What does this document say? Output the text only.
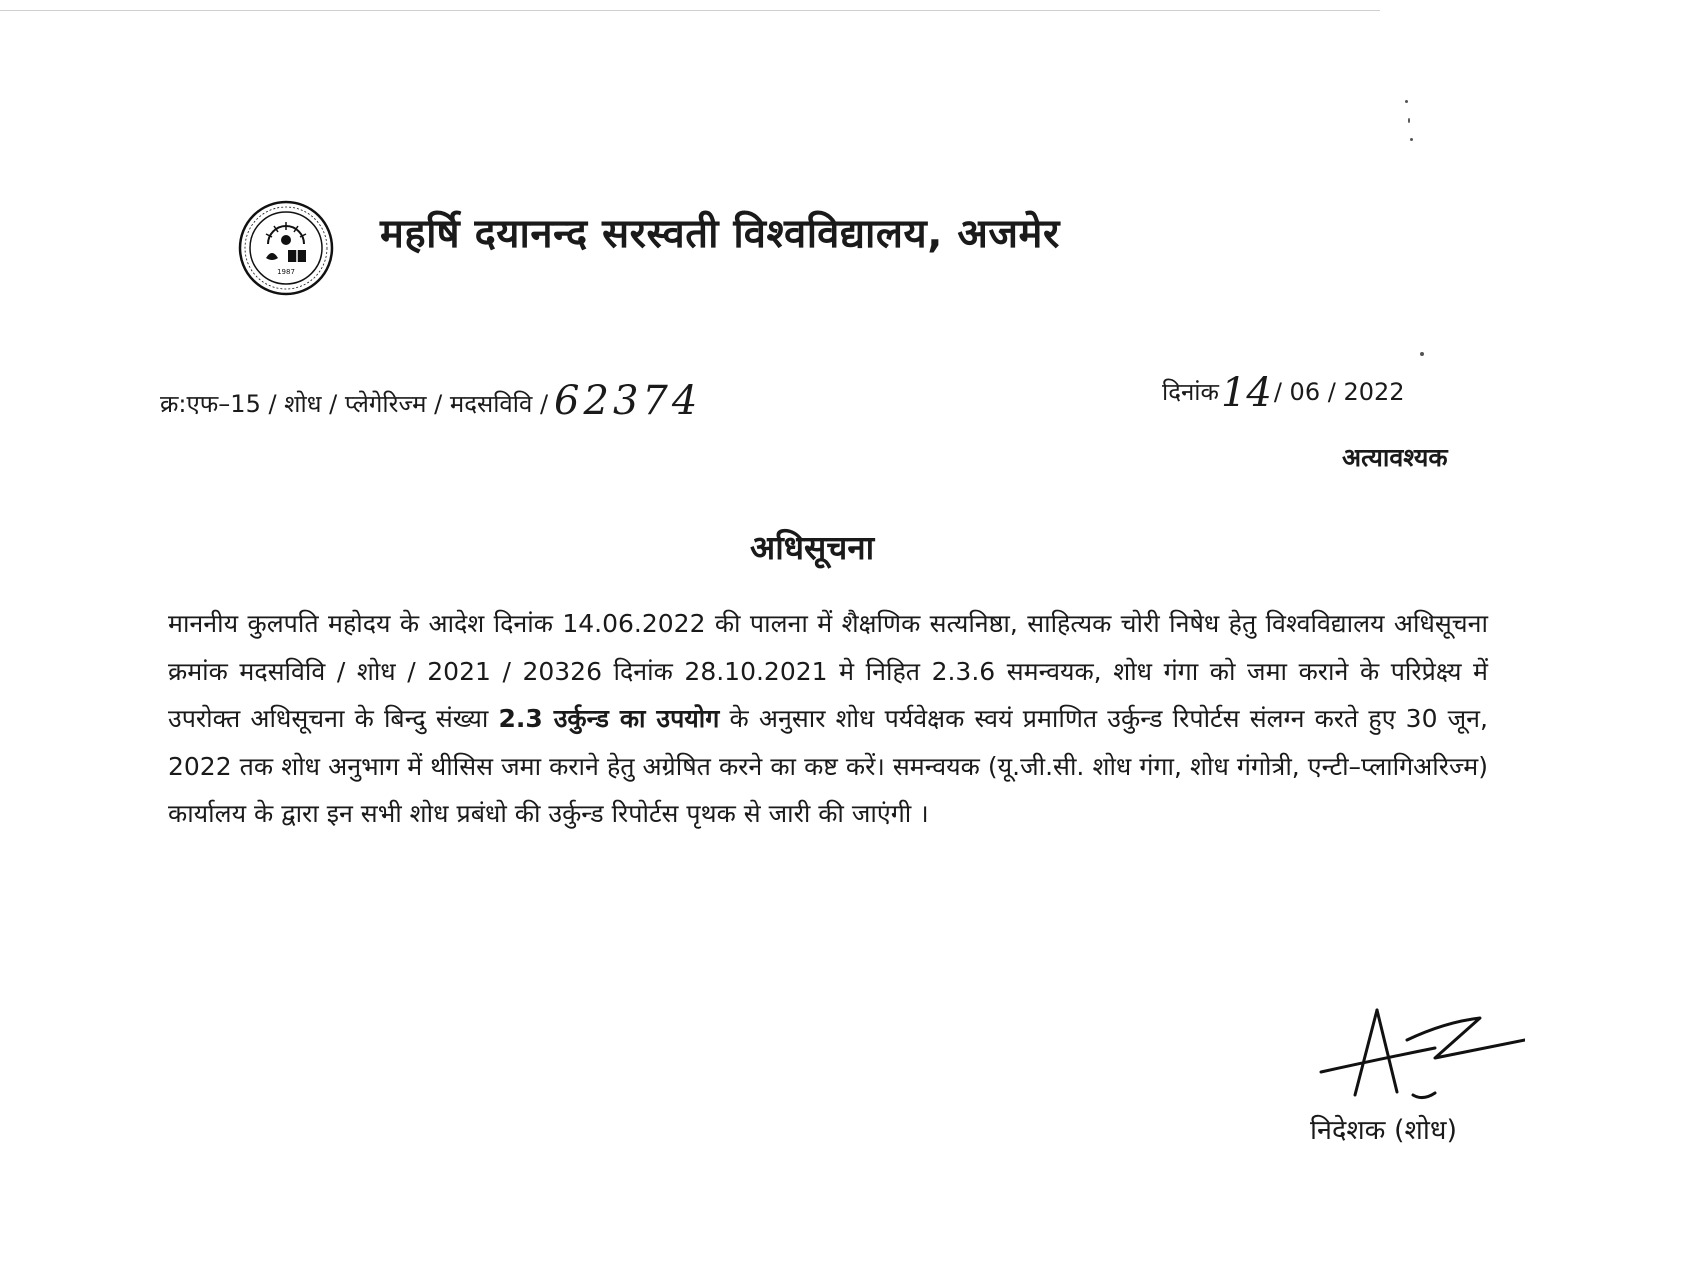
1987
महर्षि दयानन्द सरस्वती विश्वविद्यालय, अजमेर
क्र:एफ–15 / शोध / प्लेगेरिज्म / मदसविवि / 62374	दिनांक14/ 06 / 2022
अत्यावश्यक
अधिसूचना
माननीय कुलपति महोदय के आदेश दिनांक 14.06.2022 की पालना में शैक्षणिक सत्यनिष्ठा, साहित्यक चोरी निषेध हेतु विश्वविद्यालय अधिसूचना क्रमांक मदसविवि / शोध / 2021 / 20326 दिनांक 28.10.2021 मे निहित 2.3.6 समन्वयक, शोध गंगा को जमा कराने के परिप्रेक्ष्य में उपरोक्त अधिसूचना के बिन्दु संख्या 2.3 उर्कुन्ड का उपयोग के अनुसार शोध पर्यवेक्षक स्वयं प्रमाणित उर्कुन्ड रिपोर्टस संलग्न करते हुए 30 जून, 2022 तक शोध अनुभाग में थीसिस जमा कराने हेतु अग्रेषित करने का कष्ट करें। समन्वयक (यू.जी.सी. शोध गंगा, शोध गंगोत्री, एन्टी–प्लागिअरिज्म) कार्यालय के द्वारा इन सभी शोध प्रबंधो की उर्कुन्ड रिपोर्टस पृथक से जारी की जाएंगी ।
निदेशक (शोध)
